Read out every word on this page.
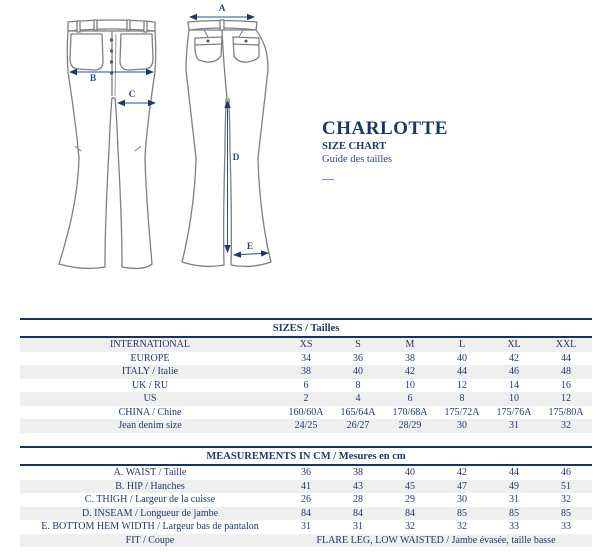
A
B
C
D
E
CHARLOTTE
SIZE CHART
Guide des tailles
—
SIZES / Tailles						
INTERNATIONAL	XS	S	M	L	XL	XXL
EUROPE	34	36	38	40	42	44
ITALY / Italie	38	40	42	44	46	48
UK / RU	6	8	10	12	14	16
US	2	4	6	8	10	12
CHINA / Chine	160/60A	165/64A	170/68A	175/72A	175/76A	175/80A
Jean denim size	24/25	26/27	28/29	30	31	32
MEASUREMENTS IN CM / Mesures en cm						
A. WAIST / Taille	36	38	40	42	44	46
B. HIP / Hanches	41	43	45	47	49	51
C. THIGH / Largeur de la cuisse	26	28	29	30	31	32
D. INSEAM / Longueur de jambe	84	84	84	85	85	85
E. BOTTOM HEM WIDTH / Largeur bas de pantalon	31	31	32	32	33	33
FIT / Coupe	FLARE LEG, LOW WAISTED / Jambe évasée, taille basse					
